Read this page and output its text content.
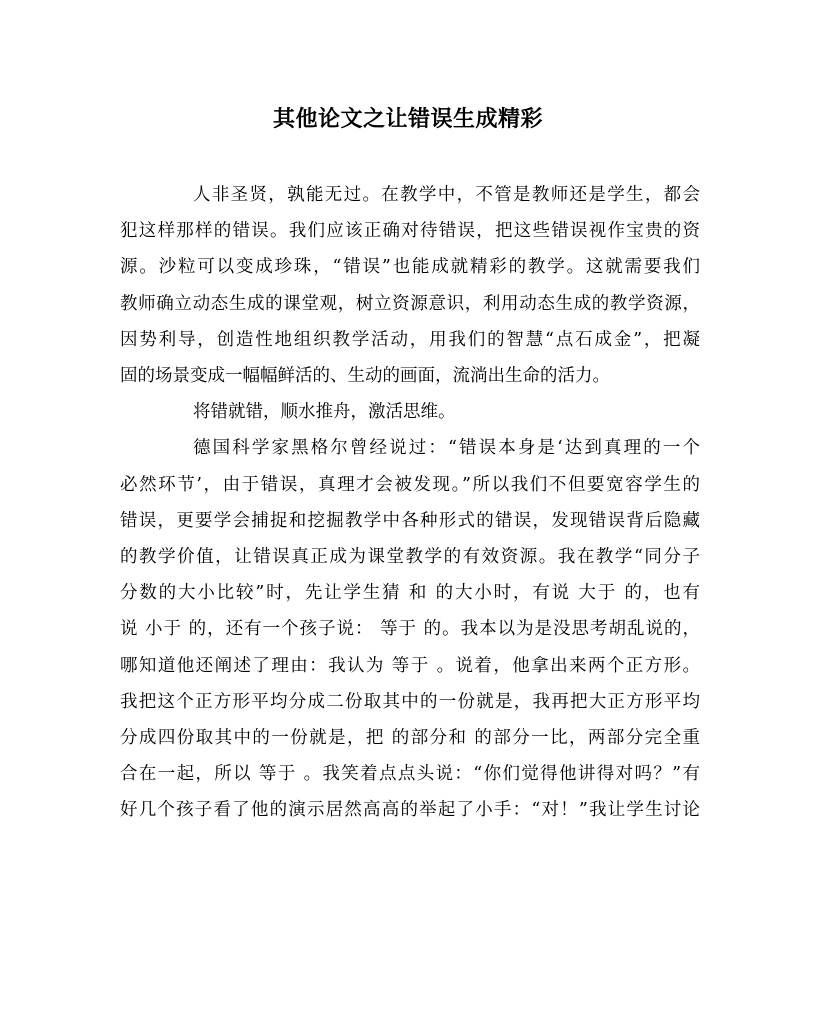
其他论文之让错误生成精彩

人非圣贤，孰能无过。在教学中，不管是教师还是学生，都会
犯这样那样的错误。我们应该正确对待错误，把这些错误视作宝贵的资
源。沙粒可以变成珍珠，“错误”也能成就精彩的教学。这就需要我们
教师确立动态生成的课堂观，树立资源意识，利用动态生成的教学资源，
因势利导，创造性地组织教学活动，用我们的智慧“点石成金”，把凝
固的场景变成一幅幅鲜活的、生动的画面，流淌出生命的活力。

将错就错，顺水推舟，激活思维。

德国科学家黑格尔曾经说过：“错误本身是‘达到真理的一个
必然环节’，由于错误，真理才会被发现。”所以我们不但要宽容学生的
错误，更要学会捕捉和挖掘教学中各种形式的错误，发现错误背后隐藏
的教学价值，让错误真正成为课堂教学的有效资源。我在教学“同分子
分数的大小比较”时，先让学生猜 和 的大小时，有说 大于 的，也有
说 小于 的，还有一个孩子说： 等于 的。我本以为是没思考胡乱说的，
哪知道他还阐述了理由：我认为 等于 。说着，他拿出来两个正方形。
我把这个正方形平均分成二份取其中的一份就是，我再把大正方形平均
分成四份取其中的一份就是，把 的部分和 的部分一比，两部分完全重
合在一起，所以 等于 。我笑着点点头说：“你们觉得他讲得对吗？”有
好几个孩子看了他的演示居然高高的举起了小手：“对！”我让学生讨论
